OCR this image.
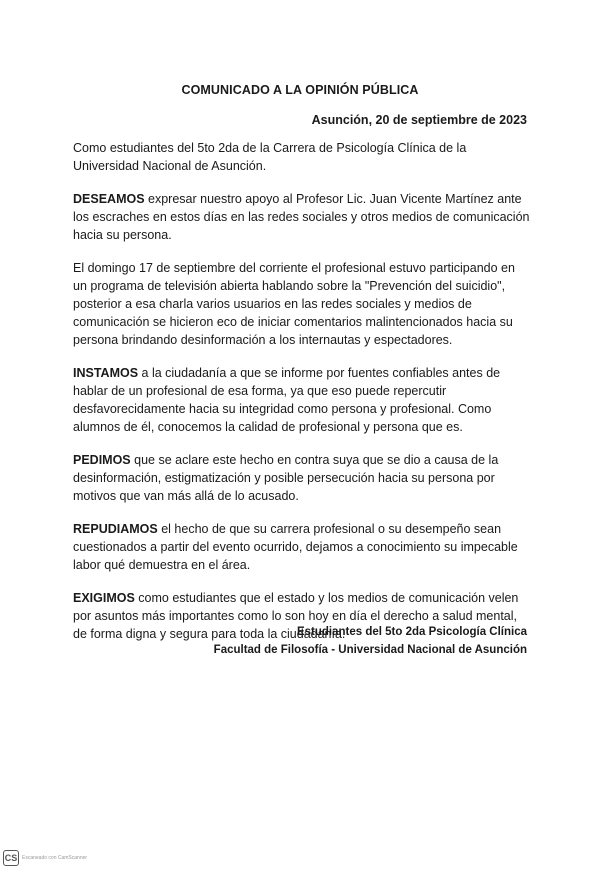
COMUNICADO A LA OPINIÓN PÚBLICA
Asunción, 20 de septiembre de 2023

Como estudiantes del 5to 2da de la Carrera de Psicología Clínica de la Universidad Nacional de Asunción.

DESEAMOS expresar nuestro apoyo al Profesor Lic. Juan Vicente Martínez ante los escraches en estos días en las redes sociales y otros medios de comunicación hacia su persona.

El domingo 17 de septiembre del corriente el profesional estuvo participando en un programa de televisión abierta hablando sobre la "Prevención del suicidio", posterior a esa charla varios usuarios en las redes sociales y medios de comunicación se hicieron eco de iniciar comentarios malintencionados hacia su persona brindando desinformación a los internautas y espectadores.

INSTAMOS a la ciudadanía a que se informe por fuentes confiables antes de hablar de un profesional de esa forma, ya que eso puede repercutir desfavorecidamente hacia su integridad como persona y profesional. Como alumnos de él, conocemos la calidad de profesional y persona que es.

PEDIMOS que se aclare este hecho en contra suya que se dio a causa de la desinformación, estigmatización y posible persecución hacia su persona por motivos que van más allá de lo acusado.

REPUDIAMOS el hecho de que su carrera profesional o su desempeño sean cuestionados a partir del evento ocurrido, dejamos a conocimiento su impecable labor qué demuestra en el área.

EXIGIMOS como estudiantes que el estado y los medios de comunicación velen por asuntos más importantes como lo son hoy en día el derecho a salud mental, de forma digna y segura para toda la ciudadanía.

Estudiantes del 5to 2da Psicología Clínica
Facultad de Filosofía - Universidad Nacional de Asunción
CS Escaneado con CamScanner
